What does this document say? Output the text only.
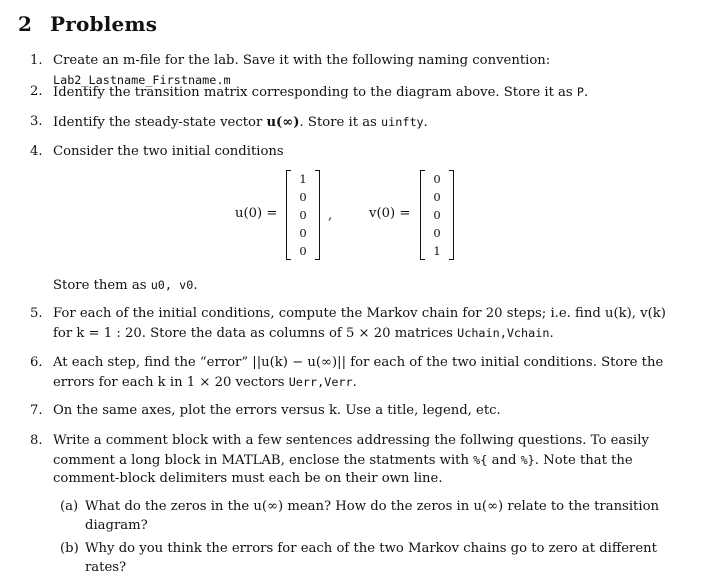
2 Problems
1. Create an m-file for the lab. Save it with the following naming convention: Lab2_Lastname_Firstname.m
2. Identify the transition matrix corresponding to the diagram above. Store it as P.
3. Identify the steady-state vector u(∞). Store it as uinfty.
4. Consider the two initial conditions
u(0) =
1
0
0
0
0
,	v(0) =
0
0
0
0
1
Store them as u0, v0.
5. For each of the initial conditions, compute the Markov chain for 20 steps; i.e. find u(k), v(k)
for k = 1 : 20. Store the data as columns of 5 × 20 matrices Uchain,Vchain.
6. At each step, find the “error” ||u(k) − u(∞)|| for each of the two initial conditions. Store the
errors for each k in 1 × 20 vectors Uerr,Verr.
7. On the same axes, plot the errors versus k. Use a title, legend, etc.
8. Write a comment block with a few sentences addressing the follwing questions. To easily
comment a long block in MATLAB, enclose the statments with %{ and %}. Note that the
comment-block delimiters must each be on their own line.
(a) What do the zeros in the u(∞) mean? How do the zeros in u(∞) relate to the transition
diagram?
(b) Why do you think the errors for each of the two Markov chains go to zero at different
rates?
